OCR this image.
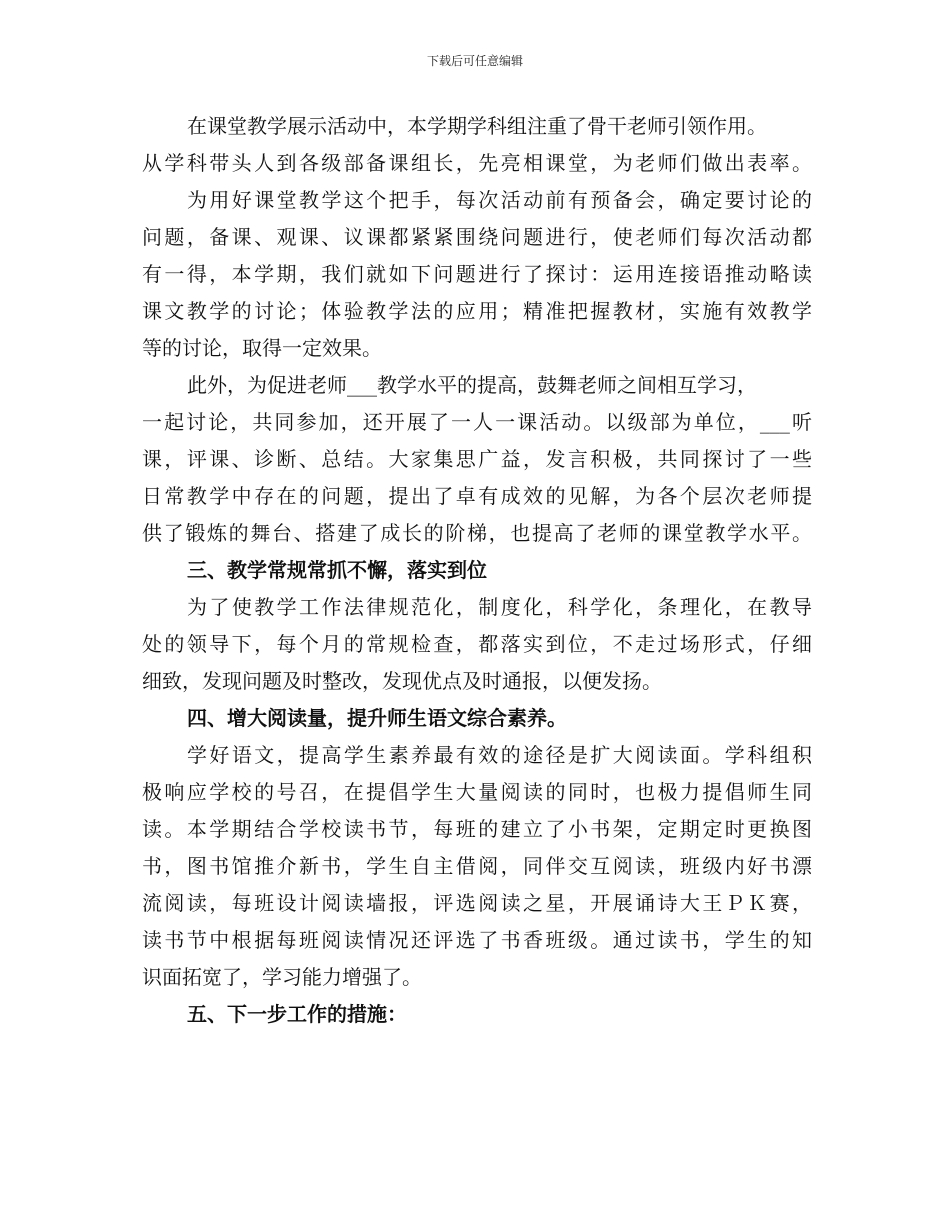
下载后可任意编辑
在课堂教学展示活动中，本学期学科组注重了骨干老师引领作用。
从学科带头人到各级部备课组长，先亮相课堂，为老师们做出表率。
为用好课堂教学这个把手，每次活动前有预备会，确定要讨论的
问题，备课、观课、议课都紧紧围绕问题进行，使老师们每次活动都
有一得，本学期，我们就如下问题进行了探讨：运用连接语推动略读
课文教学的讨论；体验教学法的应用；精准把握教材，实施有效教学
等的讨论，取得一定效果。
此外，为促进老师___教学水平的提高，鼓舞老师之间相互学习，
一起讨论，共同参加，还开展了一人一课活动。以级部为单位，___听
课，评课、诊断、总结。大家集思广益，发言积极，共同探讨了一些
日常教学中存在的问题，提出了卓有成效的见解，为各个层次老师提
供了锻炼的舞台、搭建了成长的阶梯，也提高了老师的课堂教学水平。
三、教学常规常抓不懈，落实到位
为了使教学工作法律规范化，制度化，科学化，条理化，在教导
处的领导下，每个月的常规检查，都落实到位，不走过场形式，仔细
细致，发现问题及时整改，发现优点及时通报，以便发扬。
四、增大阅读量，提升师生语文综合素养。
学好语文，提高学生素养最有效的途径是扩大阅读面。学科组积
极响应学校的号召，在提倡学生大量阅读的同时，也极力提倡师生同
读。本学期结合学校读书节，每班的建立了小书架，定期定时更换图
书，图书馆推介新书，学生自主借阅，同伴交互阅读，班级内好书漂
流阅读，每班设计阅读墙报，评选阅读之星，开展诵诗大王ＰＫ赛，
读书节中根据每班阅读情况还评选了书香班级。通过读书，学生的知
识面拓宽了，学习能力增强了。
五、下一步工作的措施：
